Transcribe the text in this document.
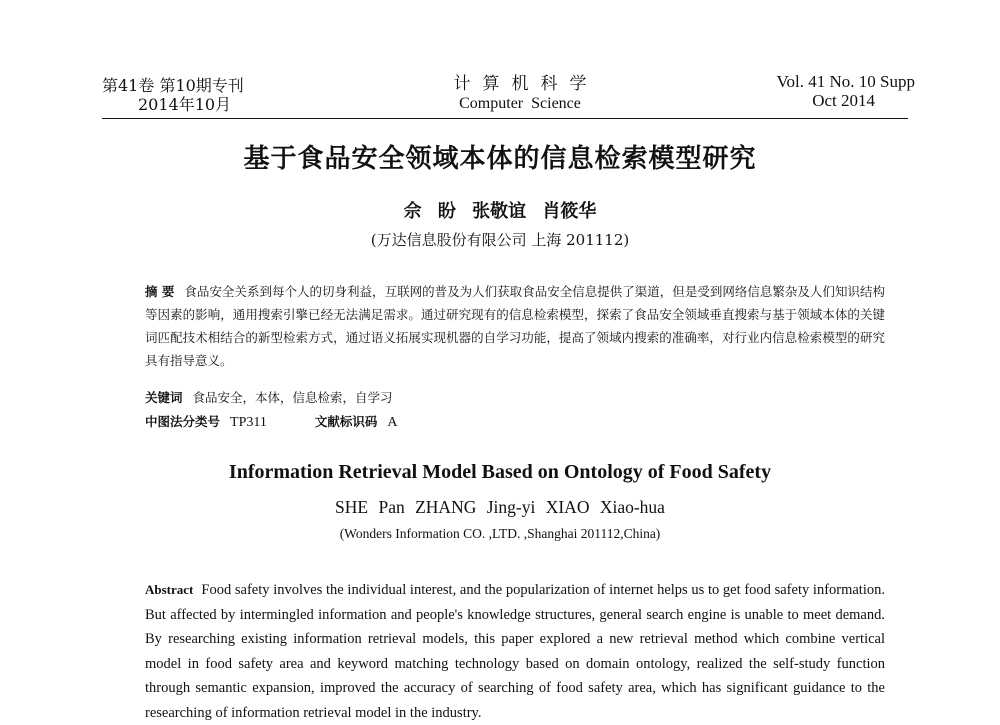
第41卷 第10期专刊
2014年10月
计算机科学
Computer Science
Vol. 41 No. 10 Supp
Oct 2014
基于食品安全领域本体的信息检索模型研究
佘 盼 张敬谊 肖筱华
(万达信息股份有限公司 上海 201112)
摘 要 食品安全关系到每个人的切身利益，互联网的普及为人们获取食品安全信息提供了渠道，但是受到网络信息繁杂及人们知识结构等因素的影响，通用搜索引擎已经无法满足需求。通过研究现有的信息检索模型，探索了食品安全领域垂直搜索与基于领域本体的关键词匹配技术相结合的新型检索方式，通过语义拓展实现机器的自学习功能，提高了领域内搜索的准确率，对行业内信息检索模型的研究具有指导意义。
关键词 食品安全，本体，信息检索，自学习
中图法分类号 TP311	文献标识码 A
Information Retrieval Model Based on Ontology of Food Safety
SHE Pan ZHANG Jing-yi XIAO Xiao-hua
(Wonders Information CO. ,LTD. ,Shanghai 201112,China)
Abstract Food safety involves the individual interest, and the popularization of internet helps us to get food safety information. But affected by intermingled information and people's knowledge structures, general search engine is unable to meet demand. By researching existing information retrieval models, this paper explored a new retrieval method which combine vertical model in food safety area and keyword matching technology based on domain ontology, realized the self-study function through semantic expansion, improved the accuracy of searching of food safety area, which has significant guidance to the researching of information retrieval model in the industry.
